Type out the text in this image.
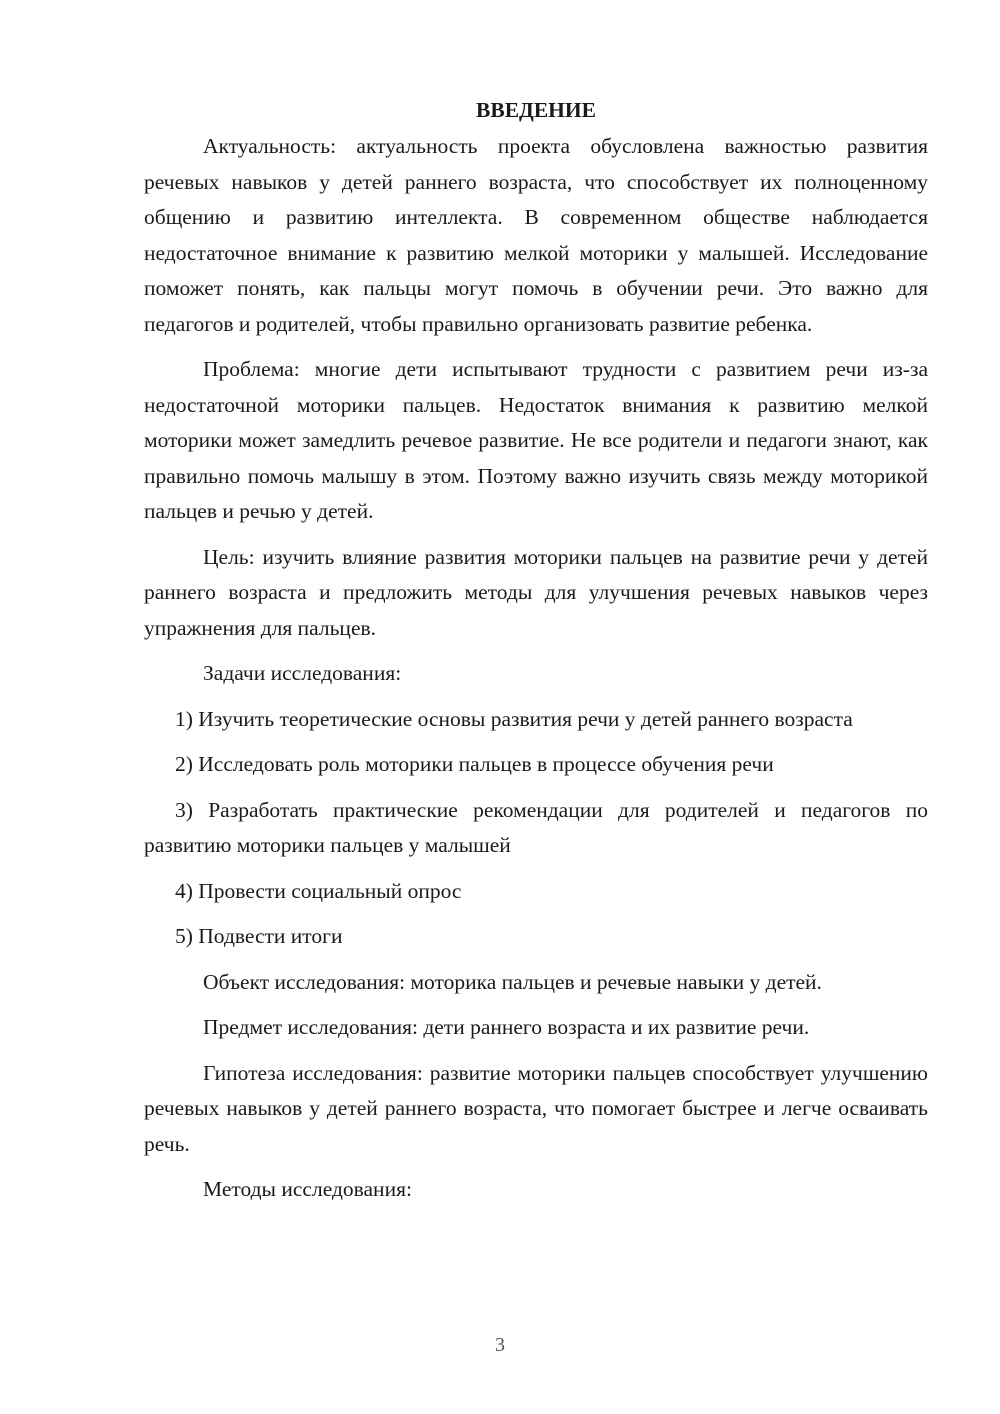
ВВЕДЕНИЕ

Актуальность: актуальность проекта обусловлена важностью развития речевых навыков у детей раннего возраста, что способствует их полноценному общению и развитию интеллекта. В современном обществе наблюдается недостаточное внимание к развитию мелкой моторики у малышей. Исследование поможет понять, как пальцы могут помочь в обучении речи. Это важно для педагогов и родителей, чтобы правильно организовать развитие ребенка.

Проблема: многие дети испытывают трудности с развитием речи из-за недостаточной моторики пальцев. Недостаток внимания к развитию мелкой моторики может замедлить речевое развитие. Не все родители и педагоги знают, как правильно помочь малышу в этом. Поэтому важно изучить связь между моторикой пальцев и речью у детей.

Цель: изучить влияние развития моторики пальцев на развитие речи у детей раннего возраста и предложить методы для улучшения речевых навыков через упражнения для пальцев.

Задачи исследования:

1) Изучить теоретические основы развития речи у детей раннего возраста

2) Исследовать роль моторики пальцев в процессе обучения речи

3) Разработать практические рекомендации для родителей и педагогов по развитию моторики пальцев у малышей

4) Провести социальный опрос

5) Подвести итоги

Объект исследования: моторика пальцев и речевые навыки у детей.

Предмет исследования: дети раннего возраста и их развитие речи.

Гипотеза исследования: развитие моторики пальцев способствует улучшению речевых навыков у детей раннего возраста, что помогает быстрее и легче осваивать речь.

Методы исследования:

3
